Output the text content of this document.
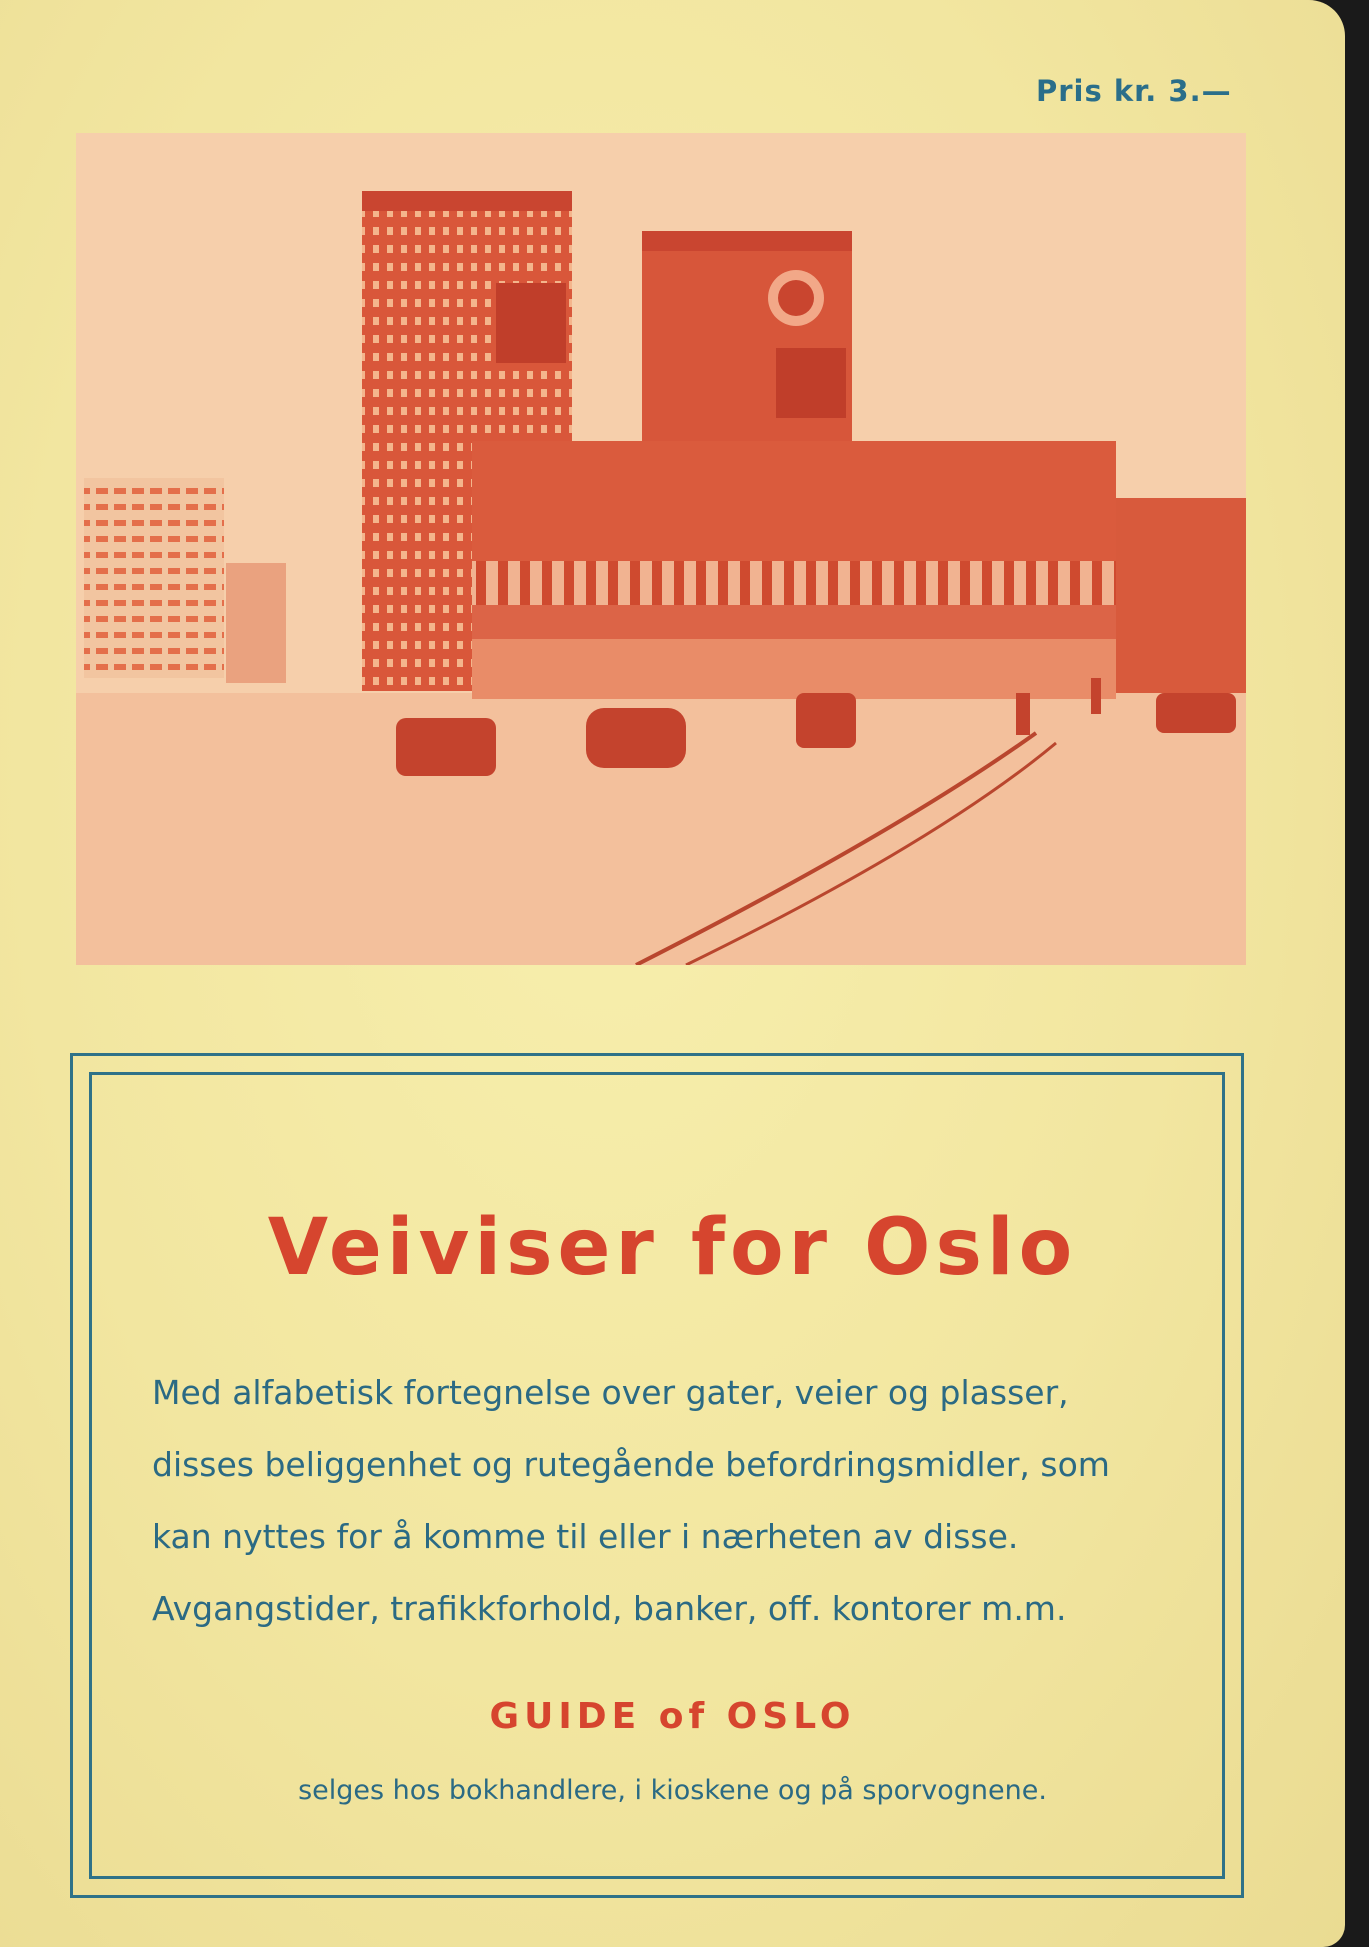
Pris kr. 3.—
Veiviser for Oslo
Med alfabetisk fortegnelse over gater, veier og plasser,
disses beliggenhet og rutegående befordringsmidler, som
kan nyttes for å komme til eller i nærheten av disse.
Avgangstider, trafikkforhold, banker, off. kontorer m.m.
GUIDE of OSLO
selges hos bokhandlere, i kioskene og på sporvognene.
